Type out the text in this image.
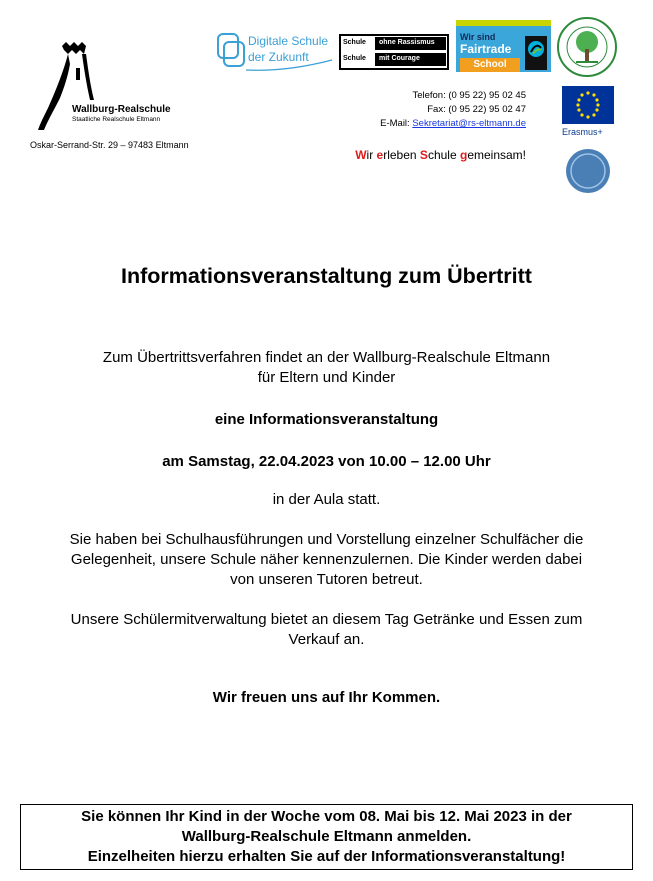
Wallburg-Realschule
Staatliche Realschule Eltmann
Oskar-Serrand-Str. 29 – 97483 Eltmann
Digitale Schule
der Zukunft
Schule	ohne Rassismus
Schule	mit Courage
Wir sind
Fairtrade
School
Erasmus+
Telefon: (0 95 22) 95 02 45
Fax: (0 95 22) 95 02 47
E-Mail: Sekretariat@rs-eltmann.de
Wir erleben Schule gemeinsam!
Informationsveranstaltung zum Übertritt
Zum Übertrittsverfahren findet an der Wallburg-Realschule Eltmann
für Eltern und Kinder
eine Informationsveranstaltung
am Samstag, 22.04.2023 von 10.00 – 12.00 Uhr
in der Aula statt.
Sie haben bei Schulhausführungen und Vorstellung einzelner Schulfächer die
Gelegenheit, unsere Schule näher kennenzulernen. Die Kinder werden dabei
von unseren Tutoren betreut.
Unsere Schülermitverwaltung bietet an diesem Tag Getränke und Essen zum
Verkauf an.
Wir freuen uns auf Ihr Kommen.
Sie können Ihr Kind in der Woche vom 08. Mai bis 12. Mai 2023 in der
Wallburg-Realschule Eltmann anmelden.
Einzelheiten hierzu erhalten Sie auf der Informationsveranstaltung!
